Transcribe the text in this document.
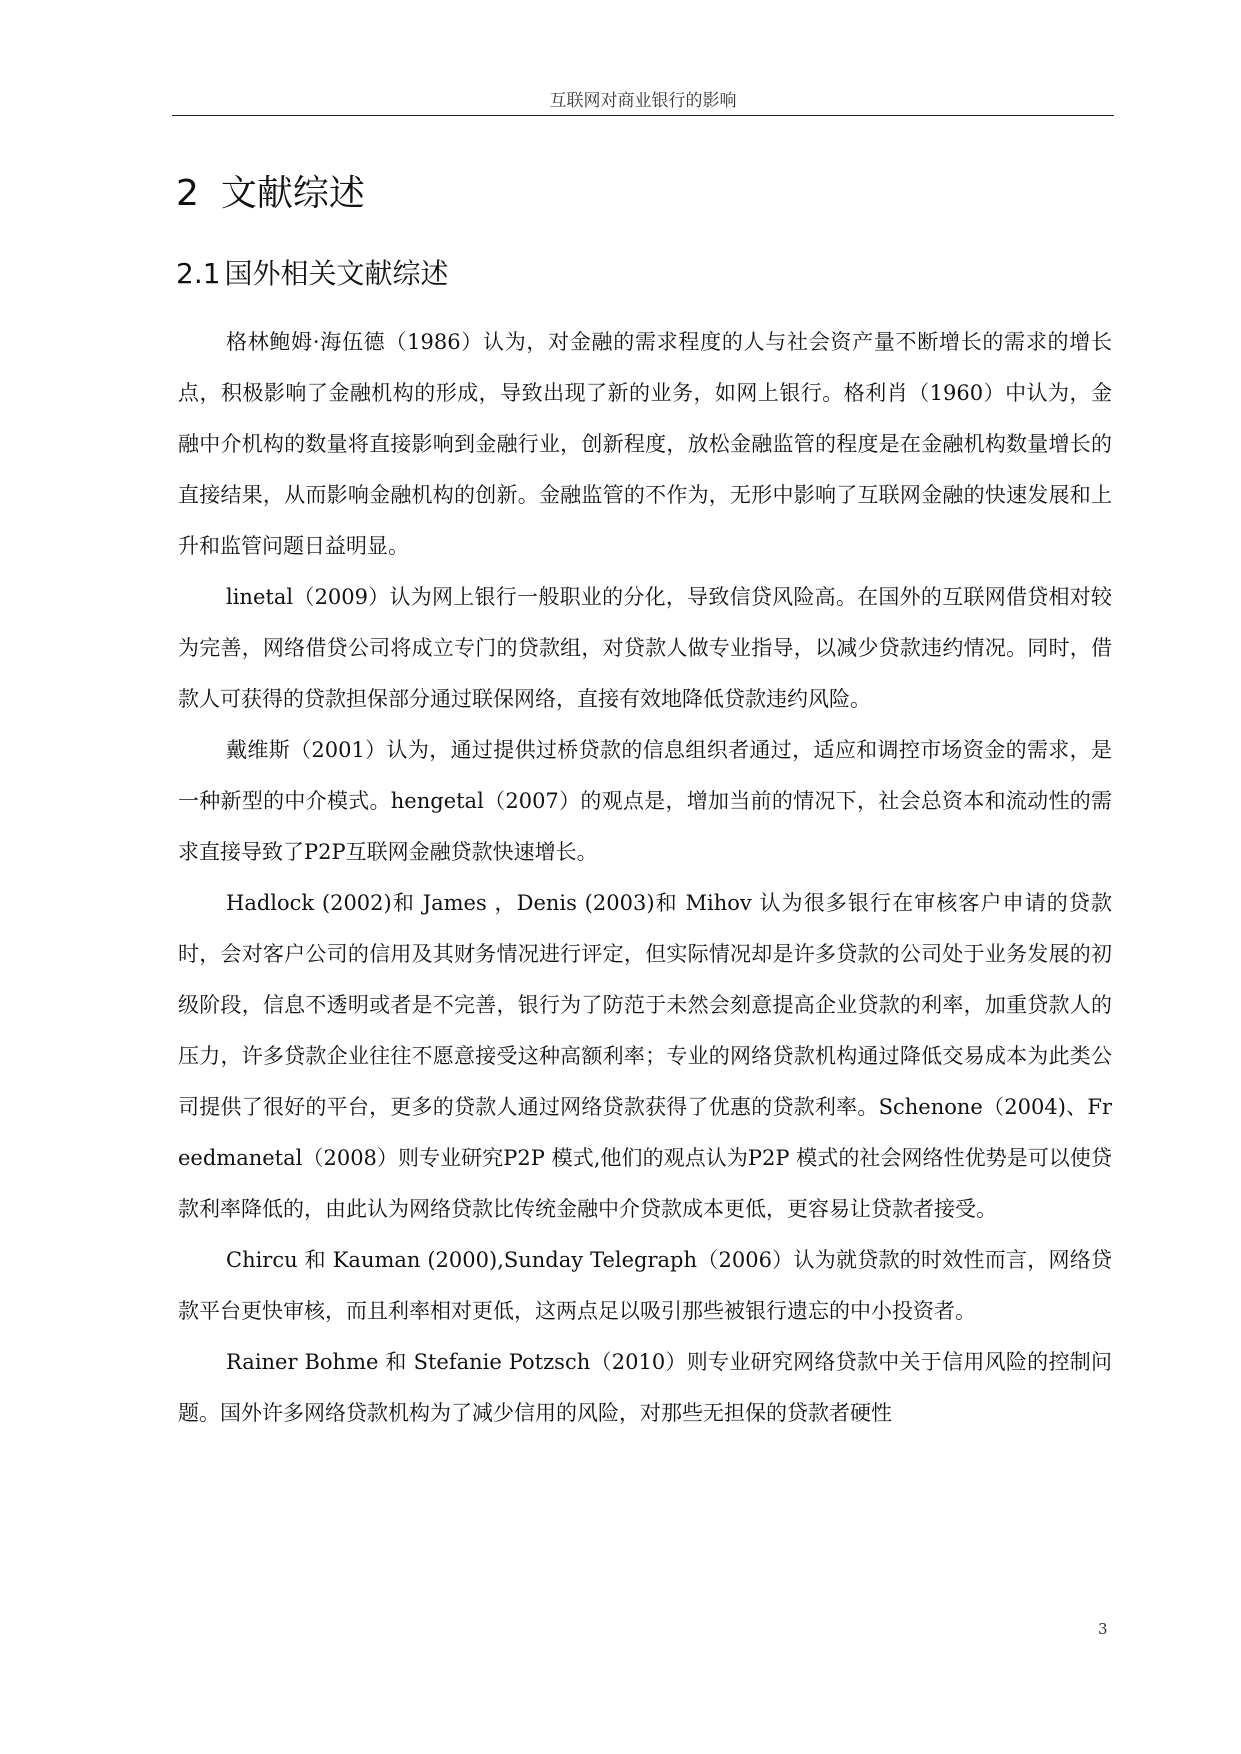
互联网对商业银行的影响
2 文献综述
2.1 国外相关文献综述

格林鲍姆·海伍德（1986）认为，对金融的需求程度的人与社会资产量不断增长的需求的增长点，积极影响了金融机构的形成，导致出现了新的业务，如网上银行。格利肖（1960）中认为，金融中介机构的数量将直接影响到金融行业，创新程度，放松金融监管的程度是在金融机构数量增长的直接结果，从而影响金融机构的创新。金融监管的不作为，无形中影响了互联网金融的快速发展和上升和监管问题日益明显。

linetal（2009）认为网上银行一般职业的分化，导致信贷风险高。在国外的互联网借贷相对较为完善，网络借贷公司将成立专门的贷款组，对贷款人做专业指导，以减少贷款违约情况。同时，借款人可获得的贷款担保部分通过联保网络，直接有效地降低贷款违约风险。

戴维斯（2001）认为，通过提供过桥贷款的信息组织者通过，适应和调控市场资金的需求，是一种新型的中介模式。hengetal（2007）的观点是，增加当前的情况下，社会总资本和流动性的需求直接导致了P2P互联网金融贷款快速增长。

Hadlock (2002)和 James ，Denis (2003)和 Mihov 认为很多银行在审核客户申请的贷款时，会对客户公司的信用及其财务情况进行评定，但实际情况却是许多贷款的公司处于业务发展的初级阶段，信息不透明或者是不完善，银行为了防范于未然会刻意提高企业贷款的利率，加重贷款人的压力，许多贷款企业往往不愿意接受这种高额利率；专业的网络贷款机构通过降低交易成本为此类公司提供了很好的平台，更多的贷款人通过网络贷款获得了优惠的贷款利率。Schenone（2004)、Freedmanetal（2008）则专业研究P2P 模式,他们的观点认为P2P 模式的社会网络性优势是可以使贷款利率降低的，由此认为网络贷款比传统金融中介贷款成本更低，更容易让贷款者接受。

Chircu 和 Kauman (2000),Sunday Telegraph（2006）认为就贷款的时效性而言，网络贷款平台更快审核，而且利率相对更低，这两点足以吸引那些被银行遗忘的中小投资者。

Rainer Bohme 和 Stefanie Potzsch（2010）则专业研究网络贷款中关于信用风险的控制问题。国外许多网络贷款机构为了减少信用的风险，对那些无担保的贷款者硬性

3
